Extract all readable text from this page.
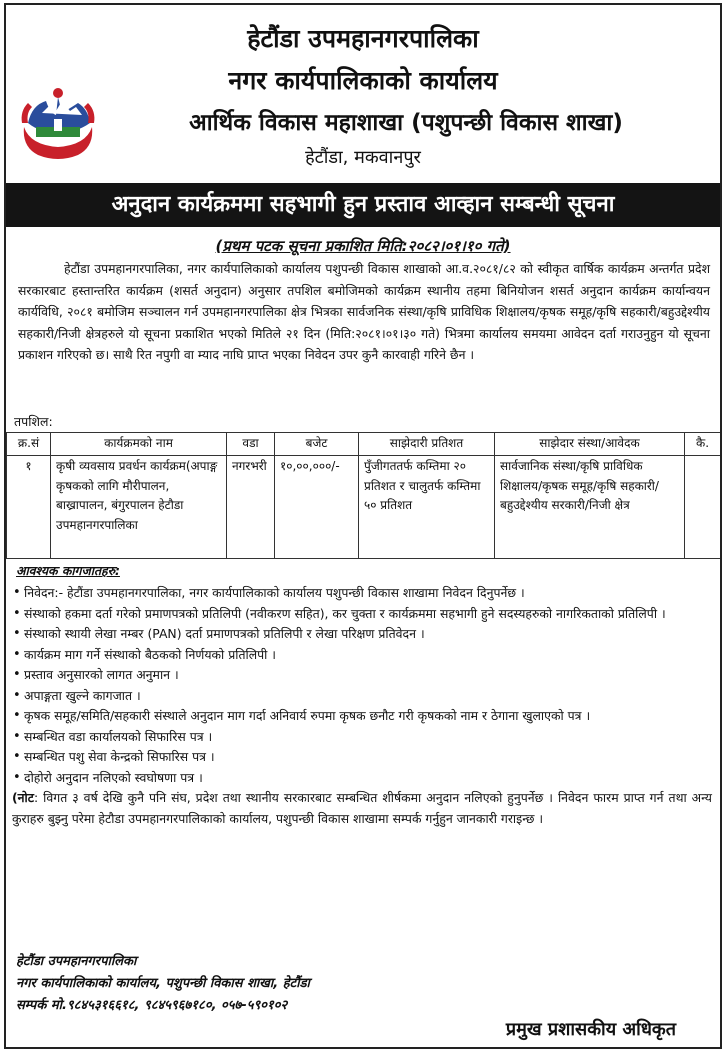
हेटौंडा उपमहानगरपालिका
नगर कार्यपालिकाको कार्यालय
आर्थिक विकास महाशाखा (पशुपन्छी विकास शाखा)
हेटौंडा, मकवानपुर
अनुदान कार्यक्रममा सहभागी हुन प्रस्ताव आव्हान सम्बन्धी सूचना
(प्रथम पटक सूचना प्रकाशित मिति:२०८२।०१।१० गते)

हेटौंडा उपमहानगरपालिका, नगर कार्यपालिकाको कार्यालय पशुपन्छी विकास शाखाको आ.व.२०८१/८२ को स्वीकृत वार्षिक कार्यक्रम अन्तर्गत प्रदेश सरकारबाट हस्तान्तरित कार्यक्रम (शसर्त अनुदान) अनुसार तपशिल बमोजिमको कार्यक्रम स्थानीय तहमा बिनियोजन शसर्त अनुदान कार्यक्रम कार्यान्वयन कार्यविधि, २०८१ बमोजिम सञ्चालन गर्न उपमहानगरपालिका क्षेत्र भित्रका सार्वजनिक संस्था/कृषि प्राविधिक शिक्षालय/कृषक समूह/कृषि सहकारी/बहुउद्देश्यीय सहकारी/निजी क्षेत्रहरुले यो सूचना प्रकाशित भएको मितिले २१ दिन (मिति:२०८१।०१।३० गते) भित्रमा कार्यालय समयमा आवेदन दर्ता गराउनुहुन यो सूचना प्रकाशन गरिएको छ। साथै रित नपुगी वा म्याद नाघि प्राप्त भएका निवेदन उपर कुनै कारवाही गरिने छैन ।

तपशिल:
क्र.सं	कार्यक्रमको नाम	वडा	बजेट	साझेदारी प्रतिशत	साझेदार संस्था/आवेदक	कै.
१	कृषी व्यवसाय प्रवर्धन कार्यक्रम(अपाङ्ग कृषकको लागि मौरीपालन, बाख्रापालन, बंगुरपालन हेटौडा उपमहानगरपालिका	नगरभरी	१०,००,०००/-	पुँजीगततर्फ कम्तिमा २० प्रतिशत र चालुतर्फ कम्तिमा ५० प्रतिशत	सार्वजानिक संस्था/कृषि प्राविधिक शिक्षालय/कृषक समूह/कृषि सहकारी/बहुउद्देश्यीय सरकारी/निजी क्षेत्र	
आवश्यक कागजातहरु:
• निवेदन:- हेटौंडा उपमहानगरपालिका, नगर कार्यपालिकाको कार्यालय पशुपन्छी विकास शाखामा निवेदन दिनुपर्नेछ ।
• संस्थाको हकमा दर्ता गरेको प्रमाणपत्रको प्रतिलिपी (नवीकरण सहित), कर चुक्ता र कार्यक्रममा सहभागी हुने सदस्यहरुको नागरिकताको प्रतिलिपी ।
• संस्थाको स्थायी लेखा नम्बर (PAN) दर्ता प्रमाणपत्रको प्रतिलिपी र लेखा परिक्षण प्रतिवेदन ।
• कार्यक्रम माग गर्ने संस्थाको बैठकको निर्णयको प्रतिलिपी ।
• प्रस्ताव अनुसारको लागत अनुमान ।
• अपाङ्गता खुल्ने कागजात ।
• कृषक समूह/समिति/सहकारी संस्थाले अनुदान माग गर्दा अनिवार्य रुपमा कृषक छनौट गरी कृषकको नाम र ठेगाना खुलाएको पत्र ।
• सम्बन्धित वडा कार्यालयको सिफारिस पत्र ।
• सम्बन्धित पशु सेवा केन्द्रको सिफारिस पत्र ।
• दोहोरो अनुदान नलिएको स्वघोषणा पत्र ।
(नोट: विगत ३ वर्ष देखि कुनै पनि संघ, प्रदेश तथा स्थानीय सरकारबाट सम्बन्धित शीर्षकमा अनुदान नलिएको हुनुपर्नेछ । निवेदन फारम प्राप्त गर्न तथा अन्य कुराहरु बुझ्नु परेमा हेटौडा उपमहानगरपालिकाको कार्यालय, पशुपन्छी विकास शाखामा सम्पर्क गर्नुहुन जानकारी गराइन्छ ।
हेटौंडा उपमहानगरपालिका
नगर कार्यपालिकाको कार्यालय, पशुपन्छी विकास शाखा, हेटौंडा
सम्पर्क मो.९८४५३१६६१८, ९८४५९६७१८०, ०५७-५९०१०२
प्रमुख प्रशासकीय अधिकृत
